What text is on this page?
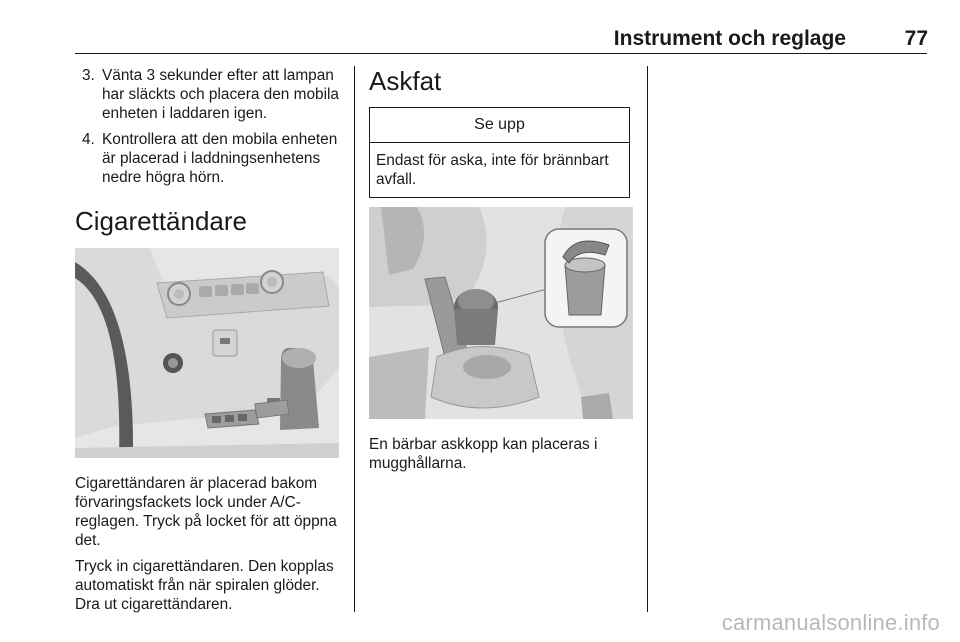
Instrument och reglage	77
3. Vänta 3 sekunder efter att lampan har släckts och placera den mobila enheten i laddaren igen.
4. Kontrollera att den mobila enheten är placerad i laddningsenhetens nedre högra hörn.
Cigarettändare

Cigarettändaren är placerad bakom förvaringsfackets lock under A/C-reglagen. Tryck på locket för att öppna det.

Tryck in cigarettändaren. Den kopplas automatiskt från när spiralen glöder. Dra ut cigarettändaren.

Askfat
Se upp
Endast för aska, inte för brännbart avfall.

En bärbar askkopp kan placeras i mugghållarna.

carmanualsonline.info
